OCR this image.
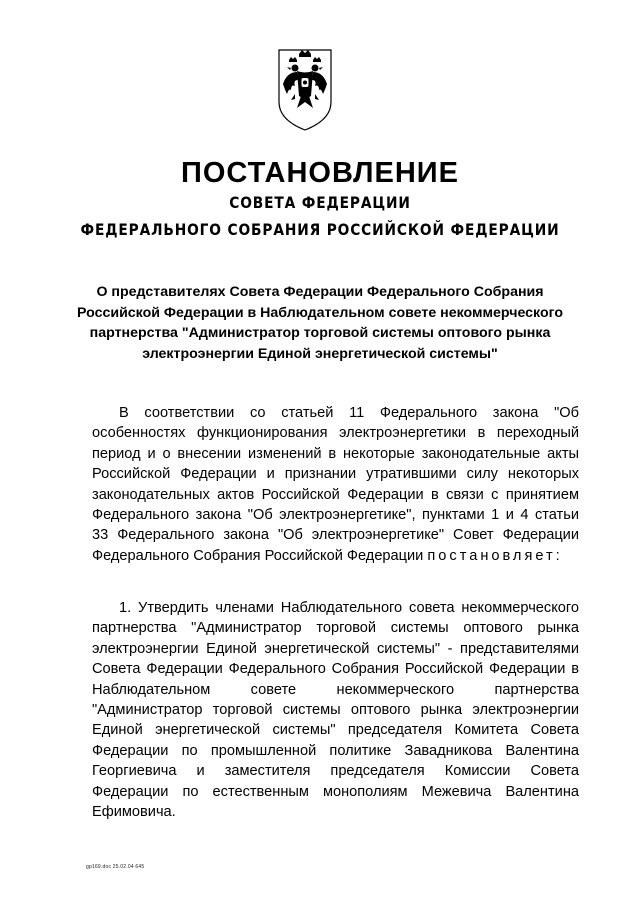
ПОСТАНОВЛЕНИЕ
СОВЕТА ФЕДЕРАЦИИ
ФЕДЕРАЛЬНОГО СОБРАНИЯ РОССИЙСКОЙ ФЕДЕРАЦИИ
О представителях Совета Федерации Федерального Собрания Российской Федерации в Наблюдательном совете некоммерческого партнерства "Администратор торговой системы оптового рынка электроэнергии Единой энергетической системы"

В соответствии со статьей 11 Федерального закона "Об особенностях функционирования электроэнергетики в переходный период и о внесении изменений в некоторые законодательные акты Российской Федерации и признании утратившими силу некоторых законодательных актов Российской Федерации в связи с принятием Федерального закона "Об электроэнергетике", пунктами 1 и 4 статьи 33 Федерального закона "Об электроэнергетике" Совет Федерации Федерального Собрания Российской Федерации постановляет:

1. Утвердить членами Наблюдательного совета некоммерческого партнерства "Администратор торговой системы оптового рынка электроэнергии Единой энергетической системы" - представителями Совета Федерации Федерального Собрания Российской Федерации в Наблюдательном совете некоммерческого партнерства "Администратор торговой системы оптового рынка электроэнергии Единой энергетической системы" председателя Комитета Совета Федерации по промышленной политике Завадникова Валентина Георгиевича и заместителя председателя Комиссии Совета Федерации по естественным монополиям Межевича Валентина Ефимовича.

gp169.doc 25.02.04 645
